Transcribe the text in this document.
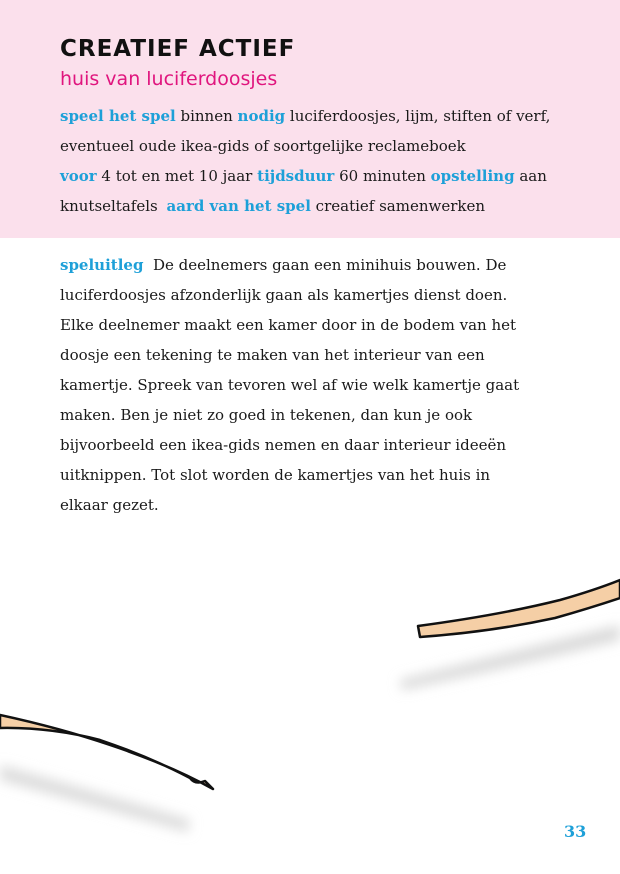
CREATIEF ACTIEF
huis van luciferdoosjes
speel het spel binnen nodig luciferdoosjes, lijm, stiften of verf,
eventueel oude ikea-gids of soortgelijke reclameboek
voor 4 tot en met 10 jaar tijdsduur 60 minuten opstelling aan
knutseltafels aard van het spel creatief samenwerken
speluitleg De deelnemers gaan een minihuis bouwen. De
luciferdoosjes afzonderlijk gaan als kamertjes dienst doen.
Elke deelnemer maakt een kamer door in de bodem van het
doosje een tekening te maken van het interieur van een
kamertje. Spreek van tevoren wel af wie welk kamertje gaat
maken. Ben je niet zo goed in tekenen, dan kun je ook
bijvoorbeeld een ikea-gids nemen en daar interieur ideeën
uitknippen. Tot slot worden de kamertjes van het huis in
elkaar gezet.
33
